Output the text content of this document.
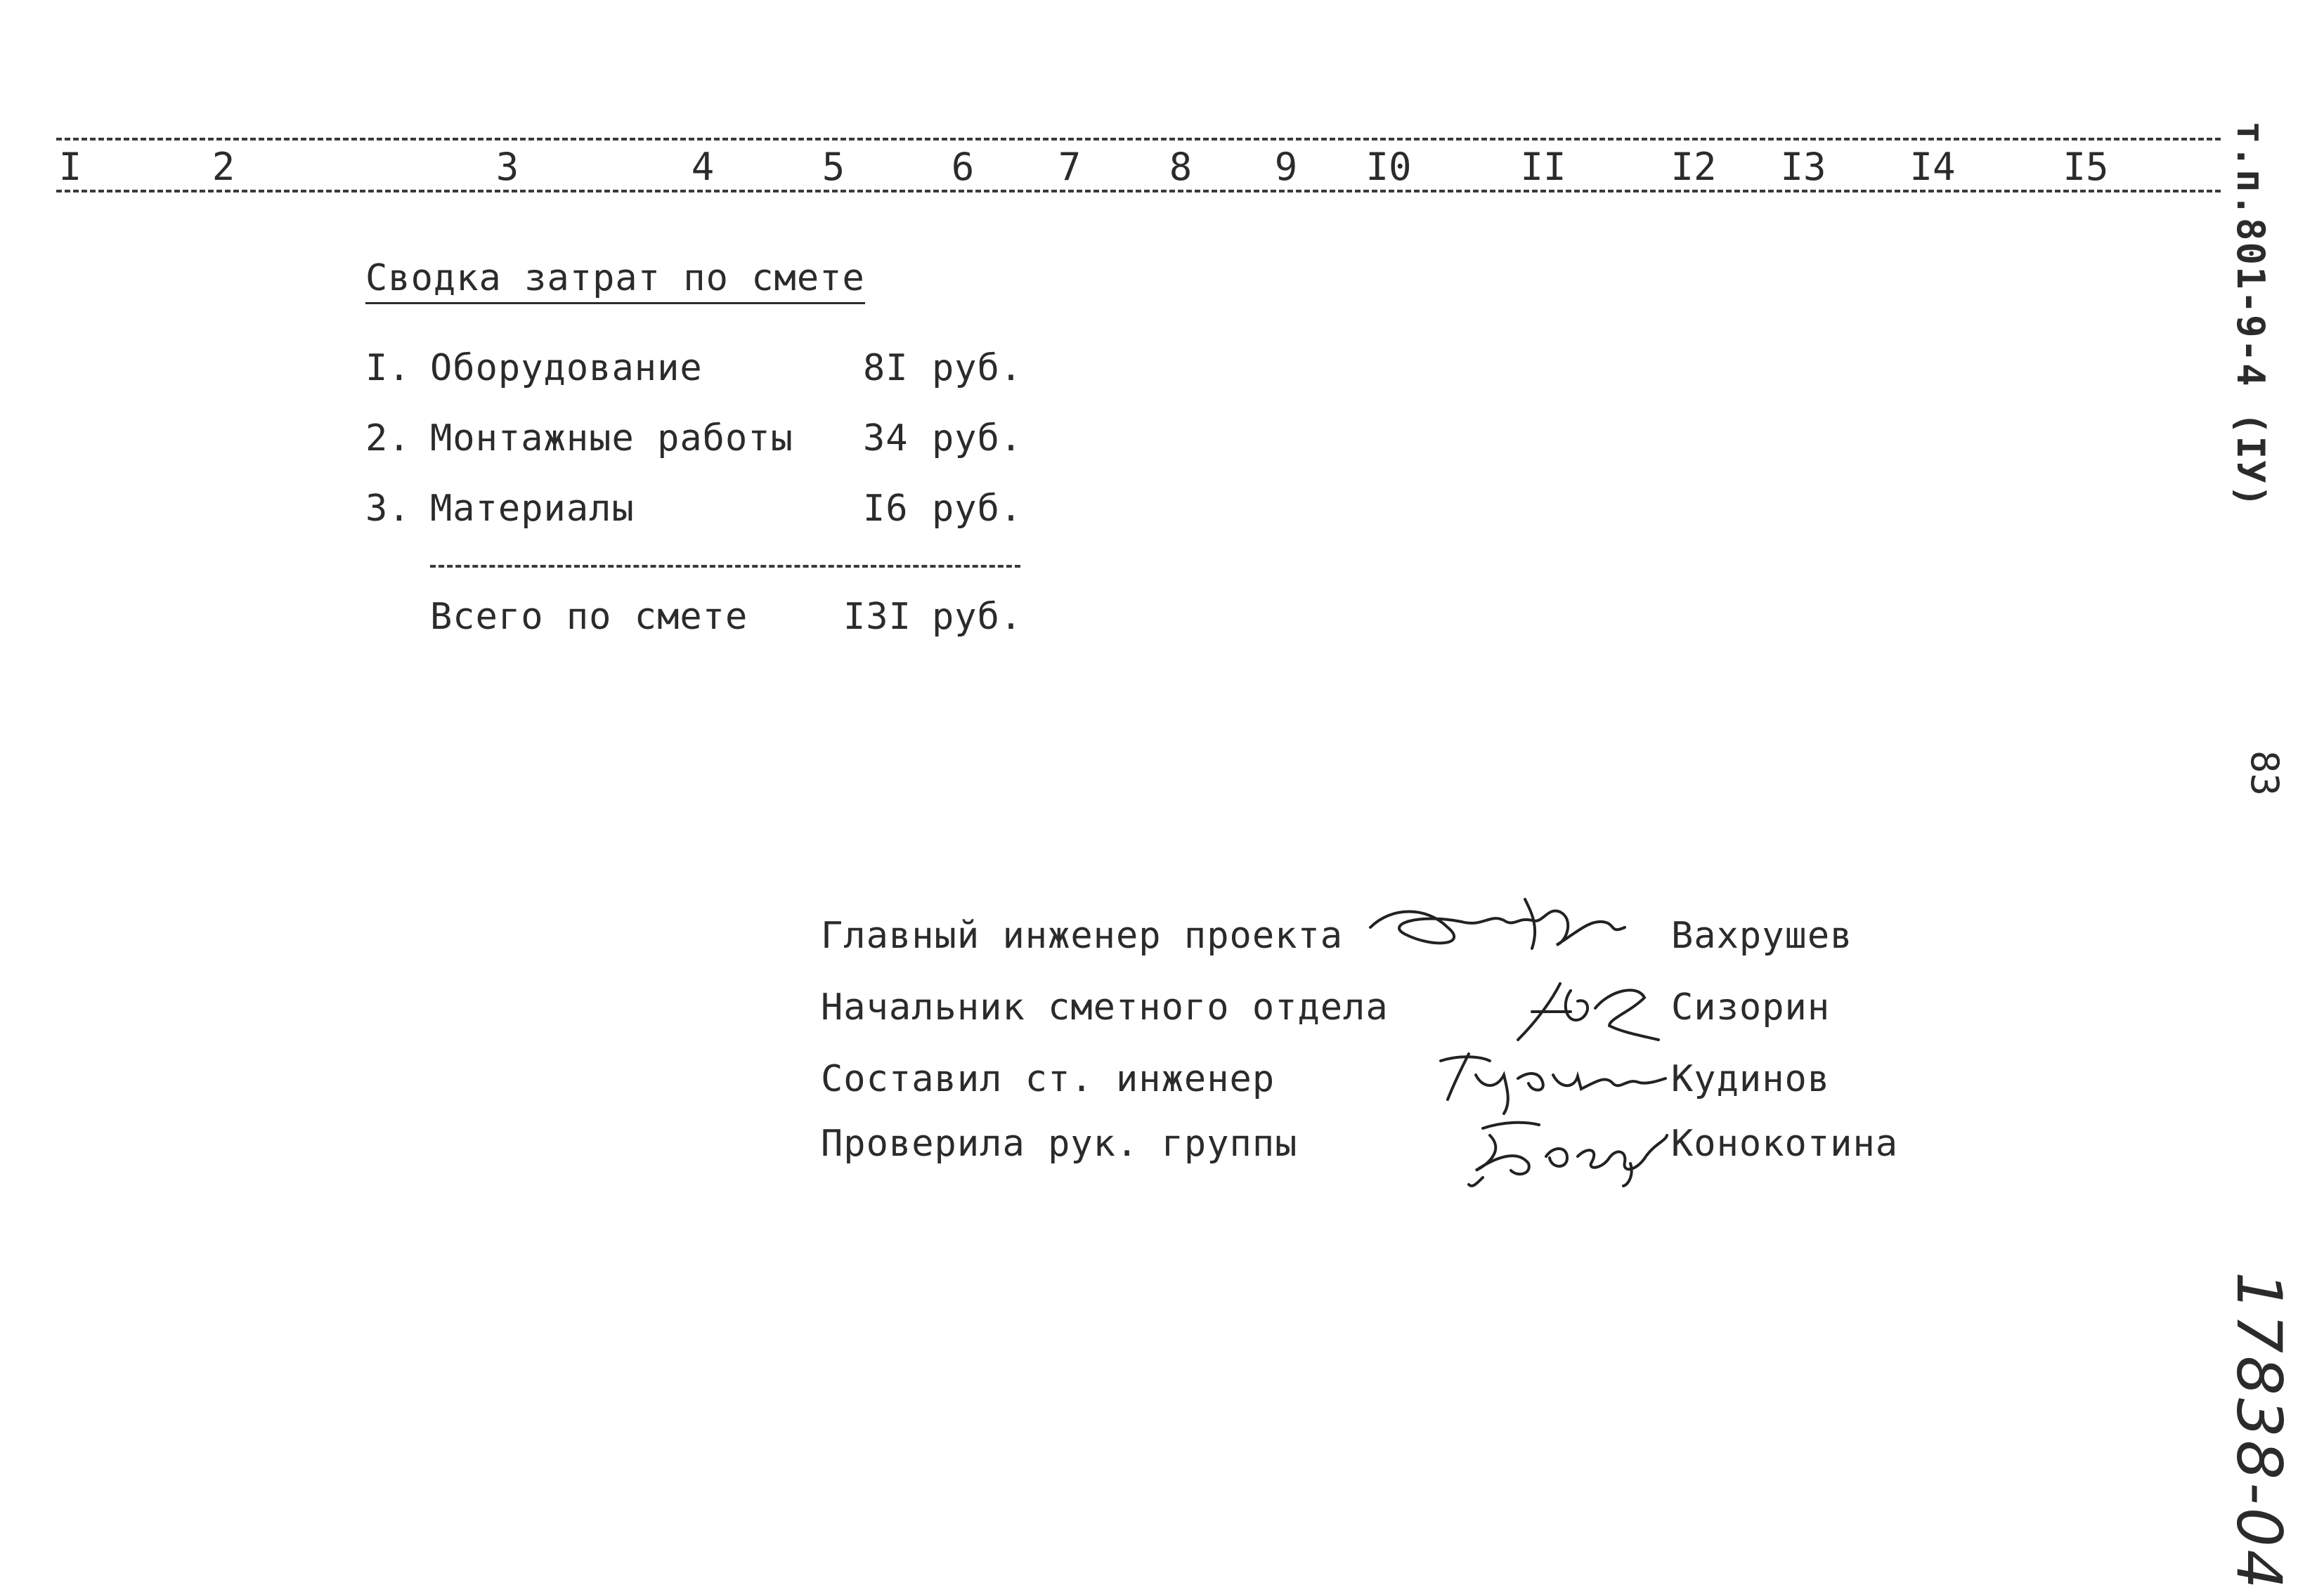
I	2	3	4	5	6 7 8 9 I0	II	I2 I3 I4	I5
Сводка затрат по смете
I. Оборудование	8I руб.
2. Монтажные работы 34 руб.
3. Материалы	I6 руб.
Всего по смете	I3I руб.
Главный инженер проекта	Вахрушев
Начальник сметного отдела	Сизорин
Составил ст. инженер	Кудинов
Проверила рук. группы	Конокотина
т.п.801-9-4 (IУ)
83
17838-04
